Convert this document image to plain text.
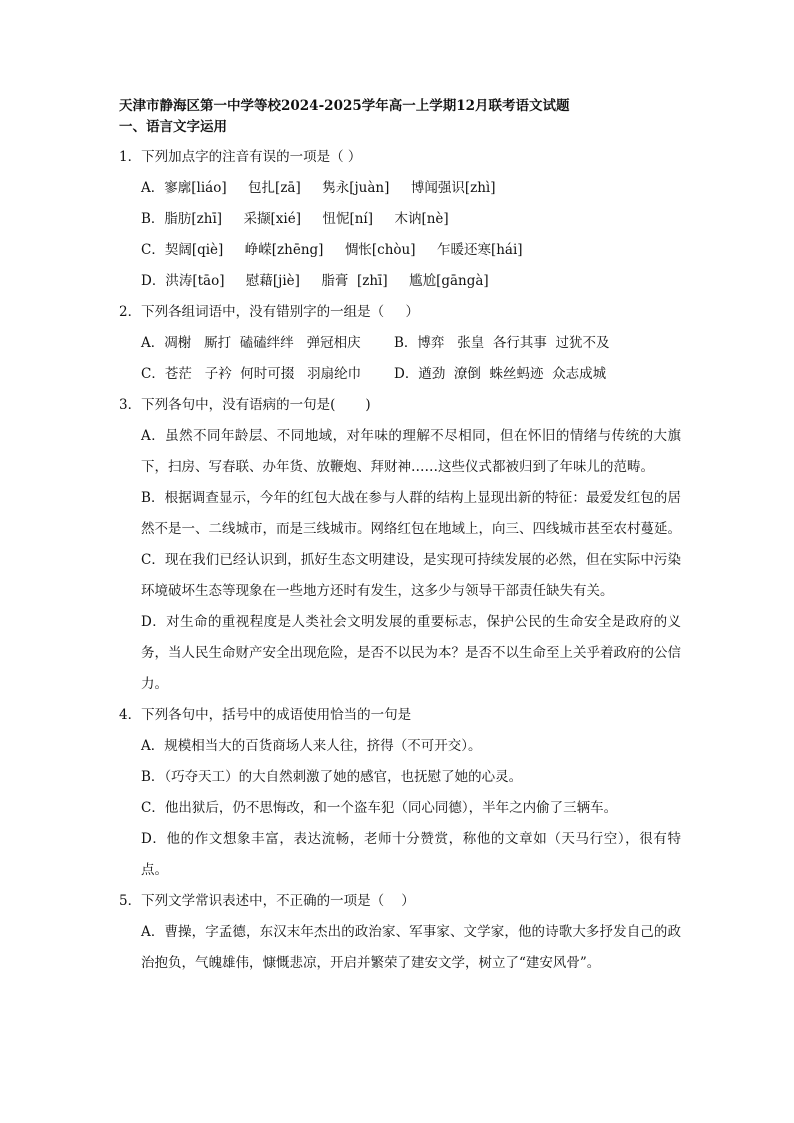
天津市静海区第一中学等校2024-2025学年高一上学期12月联考语文试题

一、语言文字运用

1．下列加点字的注音有误的一项是（ ）

A．寥廓[liáo]     包扎[zā]     隽永[juàn]     博闻强识[zhì]

B．脂肪[zhī]     采撷[xié]     忸怩[ní]     木讷[nè]

C．契阔[qiè]     峥嵘[zhēng]     惆怅[chòu]     乍暖还寒[hái]

D．洪涛[tāo]     慰藉[jiè]     脂膏  [zhī]     尴尬[gāngà]

2．下列各组词语中，没有错别字的一组是（     ）

A．凋榭   厮打  磕磕绊绊   弹冠相庆	B．博弈   张皇  各行其事  过犹不及
C．苍茫   子衿  何时可掇   羽扇纶巾	D．遒劲  潦倒  蛛丝蚂迹  众志成城

3．下列各句中，没有语病的一句是(       )

A．虽然不同年龄层、不同地域，对年味的理解不尽相同，但在怀旧的情绪与传统的大旗下，扫房、写春联、办年货、放鞭炮、拜财神……这些仪式都被归到了年味儿的范畴。

B．根据调查显示，今年的红包大战在参与人群的结构上显现出新的特征：最爱发红包的居然不是一、二线城市，而是三线城市。网络红包在地域上，向三、四线城市甚至农村蔓延。

C．现在我们已经认识到，抓好生态文明建设，是实现可持续发展的必然，但在实际中污染环境破坏生态等现象在一些地方还时有发生，这多少与领导干部责任缺失有关。

D．对生命的重视程度是人类社会文明发展的重要标志，保护公民的生命安全是政府的义务，当人民生命财产安全出现危险，是否不以民为本？是否不以生命至上关乎着政府的公信力。

4．下列各句中，括号中的成语使用恰当的一句是

A．规模相当大的百货商场人来人往，挤得（不可开交）。

B．（巧夺天工）的大自然刺激了她的感官，也抚慰了她的心灵。

C．他出狱后，仍不思悔改，和一个盗车犯（同心同德），半年之内偷了三辆车。

D．他的作文想象丰富，表达流畅，老师十分赞赏，称他的文章如（天马行空），很有特点。

5．下列文学常识表述中，不正确的一项是（    ）

A．曹操，字孟德，东汉末年杰出的政治家、军事家、文学家，他的诗歌大多抒发自己的政治抱负，气魄雄伟，慷慨悲凉，开启并繁荣了建安文学，树立了“建安风骨”。
